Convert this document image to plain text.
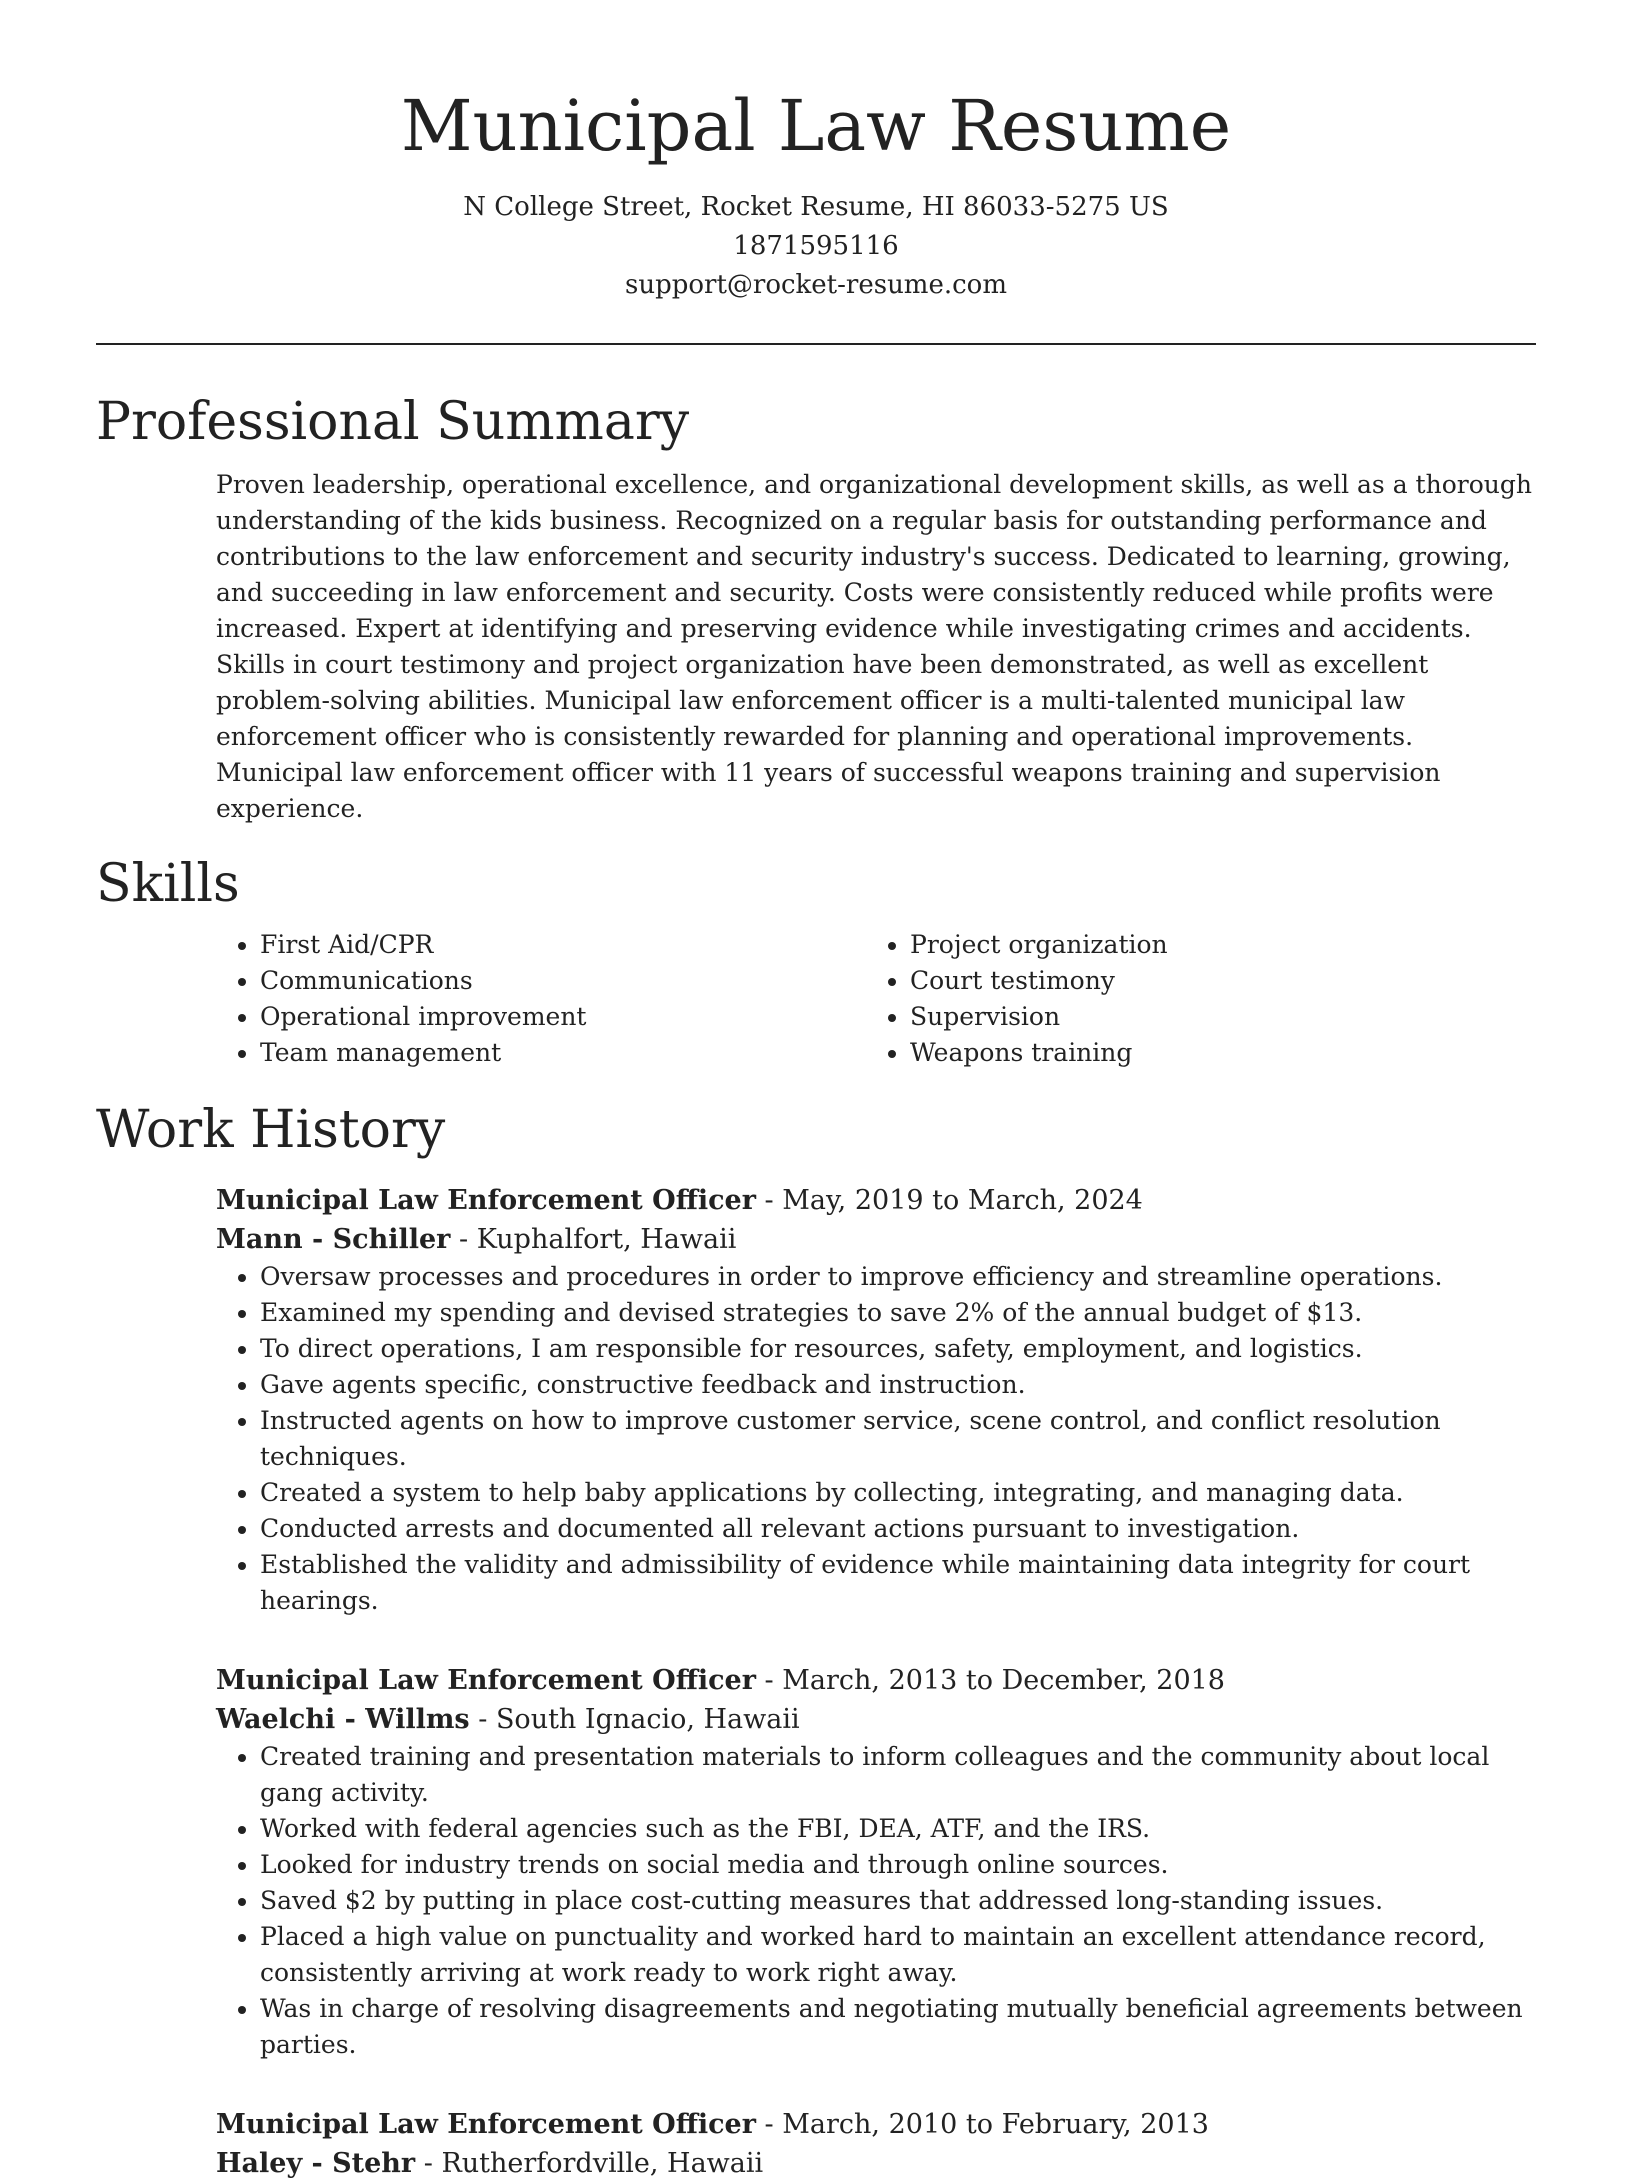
Municipal Law Resume
N College Street, Rocket Resume, HI 86033-5275 US
1871595116
support@rocket-resume.com
Professional Summary

Proven leadership, operational excellence, and organizational development skills, as well as a thorough understanding of the kids business. Recognized on a regular basis for outstanding performance and contributions to the law enforcement and security industry's success. Dedicated to learning, growing, and succeeding in law enforcement and security. Costs were consistently reduced while profits were increased. Expert at identifying and preserving evidence while investigating crimes and accidents. Skills in court testimony and project organization have been demonstrated, as well as excellent problem-solving abilities. Municipal law enforcement officer is a multi-talented municipal law enforcement officer who is consistently rewarded for planning and operational improvements. Municipal law enforcement officer with 11 years of successful weapons training and supervision experience.

Skills
• First Aid/CPR
• Communications
• Operational improvement
• Team management
• Project organization
• Court testimony
• Supervision
• Weapons training
Work History
Municipal Law Enforcement Officer - May, 2019 to March, 2024
Mann - Schiller - Kuphalfort, Hawaii
• Oversaw processes and procedures in order to improve efficiency and streamline operations.
• Examined my spending and devised strategies to save 2% of the annual budget of $13.
• To direct operations, I am responsible for resources, safety, employment, and logistics.
• Gave agents specific, constructive feedback and instruction.
• Instructed agents on how to improve customer service, scene control, and conflict resolution techniques.
• Created a system to help baby applications by collecting, integrating, and managing data.
• Conducted arrests and documented all relevant actions pursuant to investigation.
• Established the validity and admissibility of evidence while maintaining data integrity for court hearings.
Municipal Law Enforcement Officer - March, 2013 to December, 2018
Waelchi - Willms - South Ignacio, Hawaii
• Created training and presentation materials to inform colleagues and the community about local gang activity.
• Worked with federal agencies such as the FBI, DEA, ATF, and the IRS.
• Looked for industry trends on social media and through online sources.
• Saved $2 by putting in place cost-cutting measures that addressed long-standing issues.
• Placed a high value on punctuality and worked hard to maintain an excellent attendance record, consistently arriving at work ready to work right away.
• Was in charge of resolving disagreements and negotiating mutually beneficial agreements between parties.
Municipal Law Enforcement Officer - March, 2010 to February, 2013
Haley - Stehr - Rutherfordville, Hawaii
